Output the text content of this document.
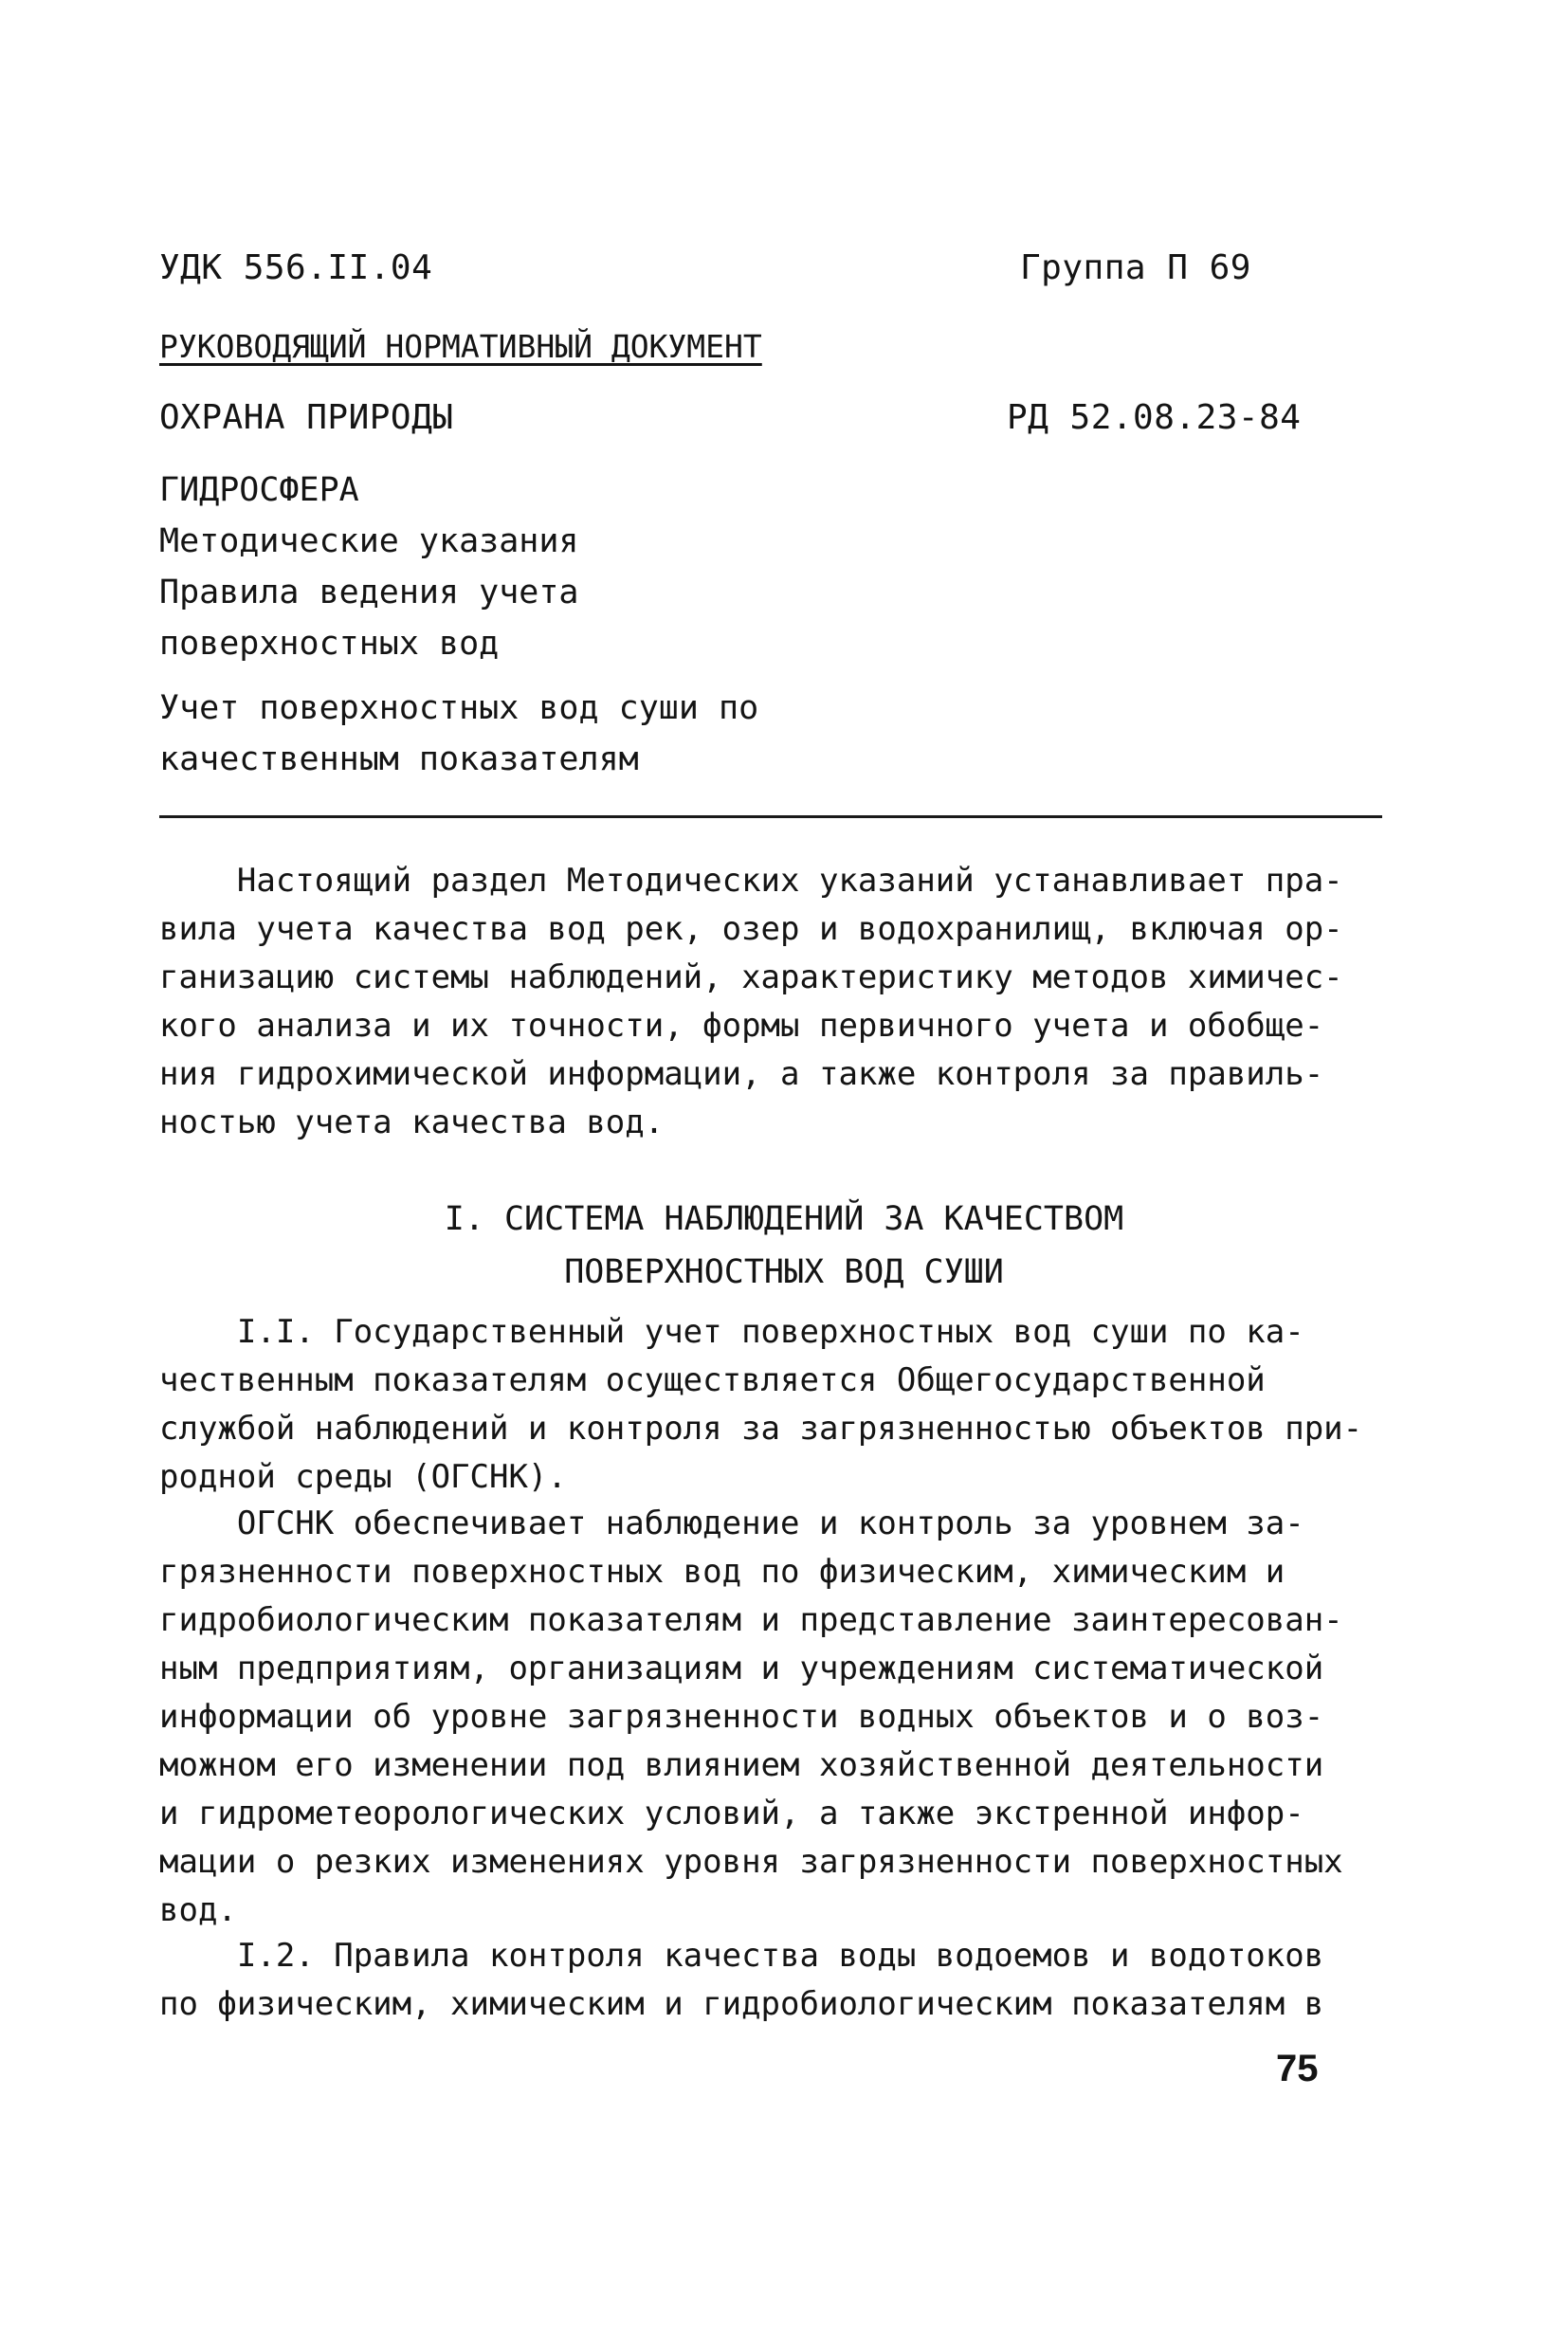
УДК 556.II.04	Группа П 69
РУКОВОДЯЩИЙ НОРМАТИВНЫЙ ДОКУМЕНТ
ОХРАНА ПРИРОДЫ	РД 52.08.23-84
ГИДРОСФЕРА
Методические указания
Правила ведения учета
поверхностных вод
Учет поверхностных вод суши по
качественным показателям
Настоящий раздел Методических указаний устанавливает пра-
вила учета качества вод рек, озер и водохранилищ, включая ор-
ганизацию системы наблюдений, характеристику методов химичес-
кого анализа и их точности, формы первичного учета и обобще-
ния гидрохимической информации, а также контроля за правиль-
ностью учета качества вод.
I. СИСТЕМА НАБЛЮДЕНИЙ ЗА КАЧЕСТВОМ
ПОВЕРХНОСТНЫХ ВОД СУШИ
I.I. Государственный учет поверхностных вод суши по ка-
чественным показателям осуществляется Общегосударственной
службой наблюдений и контроля за загрязненностью объектов при-
родной среды (ОГСНК).
ОГСНК обеспечивает наблюдение и контроль за уровнем за-
грязненности поверхностных вод по физическим, химическим и
гидробиологическим показателям и представление заинтересован-
ным предприятиям, организациям и учреждениям систематической
информации об уровне загрязненности водных объектов и о воз-
можном его изменении под влиянием хозяйственной деятельности
и гидрометеорологических условий, а также экстренной инфор-
мации о резких изменениях уровня загрязненности поверхностных
вод.
I.2. Правила контроля качества воды водоемов и водотоков
по физическим, химическим и гидробиологическим показателям в
75
